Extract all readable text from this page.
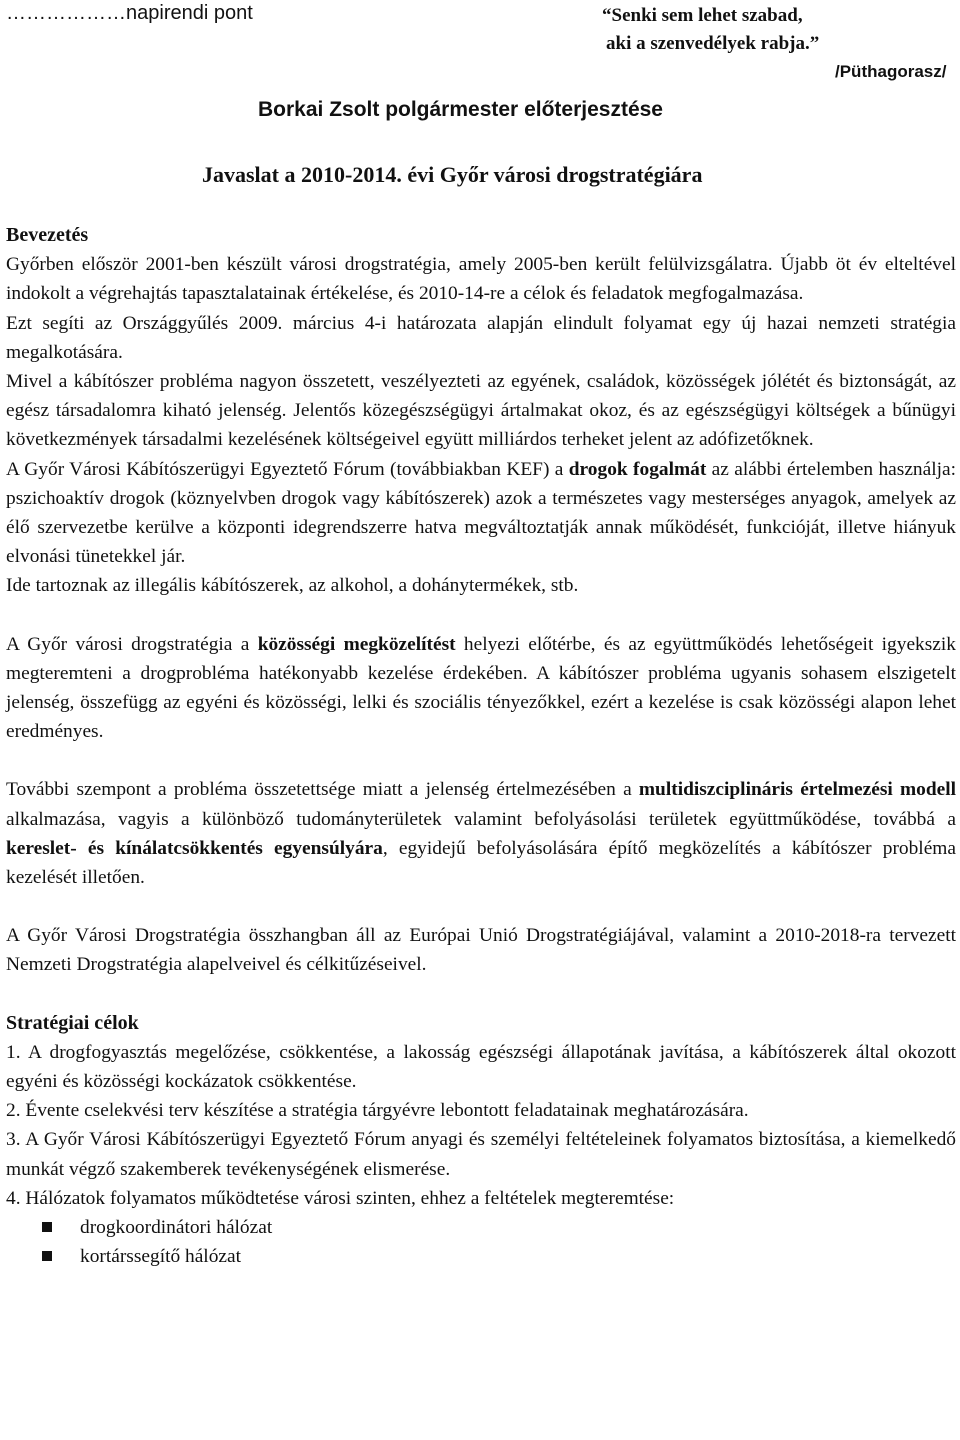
………………napirendi pont	“Senki sem lehet szabad,
aki a szenvedélyek rabja.”
/Püthagorasz/
Borkai Zsolt polgármester előterjesztése
Javaslat a 2010-2014. évi Győr városi drogstratégiára

Bevezetés

Győrben először 2001-ben készült városi drogstratégia, amely 2005-ben került felülvizsgálatra. Újabb öt év elteltével indokolt a végrehajtás tapasztalatainak értékelése, és 2010-14-re a célok és feladatok megfogalmazása.

Ezt segíti az Országgyűlés 2009. március 4-i határozata alapján elindult folyamat egy új hazai nemzeti stratégia megalkotására.

Mivel a kábítószer probléma nagyon összetett, veszélyezteti az egyének, családok, közösségek jólétét és biztonságát, az egész társadalomra kiható jelenség. Jelentős közegészségügyi ártalmakat okoz, és az egészségügyi költségek a bűnügyi következmények társadalmi kezelésének költségeivel együtt milliárdos terheket jelent az adófizetőknek.

A Győr Városi Kábítószerügyi Egyeztető Fórum (továbbiakban KEF) a drogok fogalmát az alábbi értelemben használja: pszichoaktív drogok (köznyelvben drogok vagy kábítószerek) azok a természetes vagy mesterséges anyagok, amelyek az élő szervezetbe kerülve a központi idegrendszerre hatva megváltoztatják annak működését, funkcióját, illetve hiányuk elvonási tünetekkel jár.

Ide tartoznak az illegális kábítószerek, az alkohol, a dohánytermékek, stb.

A Győr városi drogstratégia a közösségi megközelítést helyezi előtérbe, és az együttműködés lehetőségeit igyekszik megteremteni a drogprobléma hatékonyabb kezelése érdekében. A kábítószer probléma ugyanis sohasem elszigetelt jelenség, összefügg az egyéni és közösségi, lelki és szociális tényezőkkel, ezért a kezelése is csak közösségi alapon lehet eredményes.

További szempont a probléma összetettsége miatt a jelenség értelmezésében a multidiszciplináris értelmezési modell alkalmazása, vagyis a különböző tudományterületek valamint befolyásolási területek együttműködése, továbbá a kereslet- és kínálatcsökkentés egyensúlyára, egyidejű befolyásolására építő megközelítés a kábítószer probléma kezelését illetően.

A Győr Városi Drogstratégia összhangban áll az Európai Unió Drogstratégiájával, valamint a 2010-2018-ra tervezett Nemzeti Drogstratégia alapelveivel és célkitűzéseivel.

Stratégiai célok

1. A drogfogyasztás megelőzése, csökkentése, a lakosság egészségi állapotának javítása, a kábítószerek által okozott egyéni és közösségi kockázatok csökkentése.

2. Évente cselekvési terv készítése a stratégia tárgyévre lebontott feladatainak meghatározására.

3. A Győr Városi Kábítószerügyi Egyeztető Fórum anyagi és személyi feltételeinek folyamatos biztosítása, a kiemelkedő munkát végző szakemberek tevékenységének elismerése.

4. Hálózatok folyamatos működtetése városi szinten, ehhez a feltételek megteremtése:

drogkoordinátori hálózat
kortárssegítő hálózat
